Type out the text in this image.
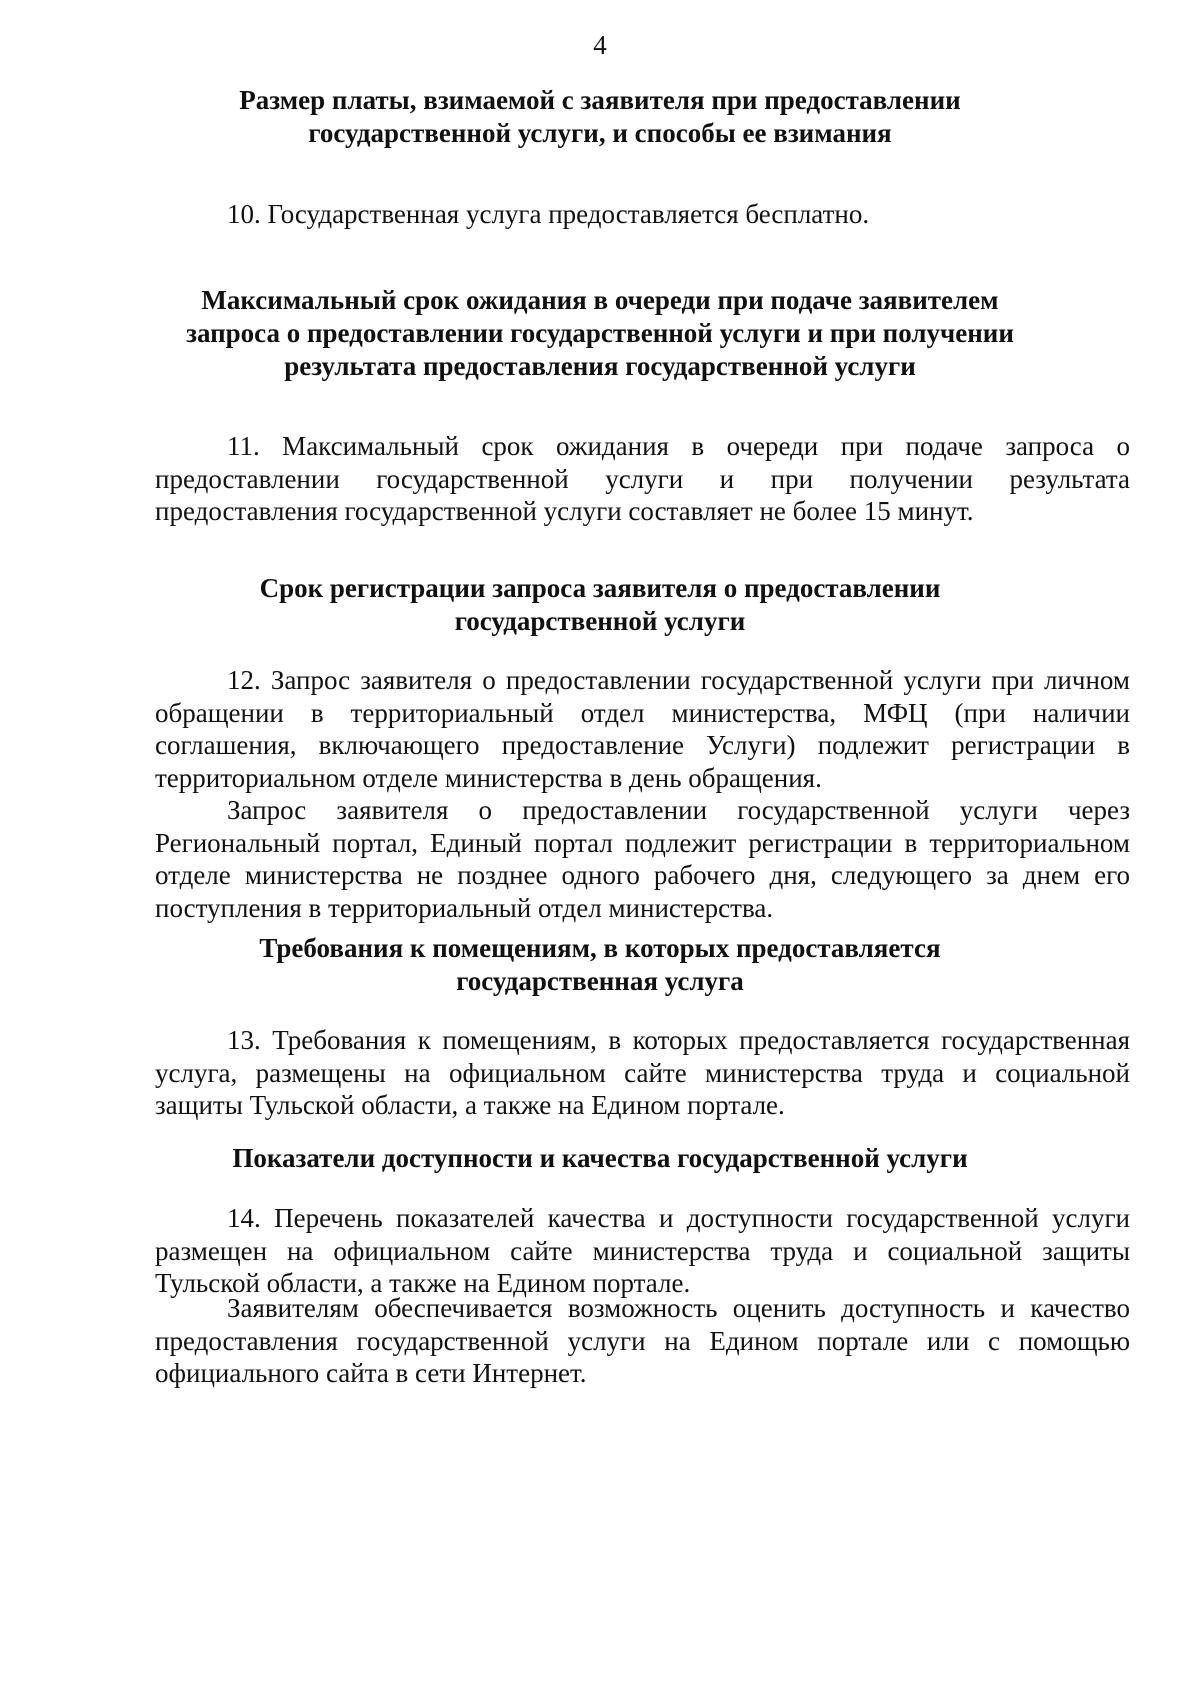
4

Размер платы, взимаемой с заявителя при предоставлении
государственной услуги, и способы ее взимания

10. Государственная услуга предоставляется бесплатно.

Максимальный срок ожидания в очереди при подаче заявителем
запроса о предоставлении государственной услуги и при получении
результата предоставления государственной услуги

11. Максимальный срок ожидания в очереди при подаче запроса о предоставлении государственной услуги и при получении результата предоставления государственной услуги составляет не более 15 минут.

Срок регистрации запроса заявителя о предоставлении
государственной услуги

12. Запрос заявителя о предоставлении государственной услуги при личном обращении в территориальный отдел министерства, МФЦ (при наличии соглашения, включающего предоставление Услуги) подлежит регистрации в территориальном отделе министерства в день обращения.

Запрос заявителя о предоставлении государственной услуги через Региональный портал, Единый портал подлежит регистрации в территориальном отделе министерства не позднее одного рабочего дня, следующего за днем его поступления в территориальный отдел министерства.

Требования к помещениям, в которых предоставляется
государственная услуга

13. Требования к помещениям, в которых предоставляется государственная услуга, размещены на официальном сайте министерства труда и социальной защиты Тульской области, а также на Едином портале.

Показатели доступности и качества государственной услуги

14. Перечень показателей качества и доступности государственной услуги размещен на официальном сайте министерства труда и социальной защиты Тульской области, а также на Едином портале.

Заявителям обеспечивается возможность оценить доступность и качество предоставления государственной услуги на Едином портале или с помощью официального сайта в сети Интернет.
